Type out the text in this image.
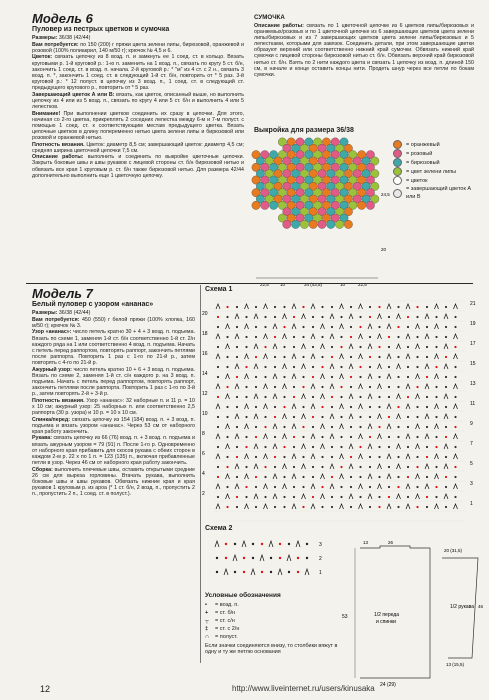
Модель 6
Пуловер из пестрых цветков и сумочка

Размеры: 36/38 (42/44)

Вам потребуется: по 150 (200) г пряжи цвета зелени липы, бирюзовой, оранжевой и розовой (100% полиакрил, 140 м/50 г); крючок № 4,5 и 6.

Цветок: связать цепочку из 8 возд. п. и замкнуть ее 1 соед. ст. в кольцо. Вязать круговыми р. 1-й круговой р.: 1-ю п. заменить на 1 возд. п., связать по кругу 5 ст. б/н, закончить 1 соед. ст. в возд. п. начала. 2-й круговой р.: * "м" из 4 ст. с 2 н., связать 3 возд. п. *, закончить 1 соед. ст. в следующий 1-й ст. б/н, повторить от * 5 раз. 3-й круговой р.: * 12 полуст. в цепочку из 3 возд. п., 1 соед. ст. в следующий ст. предыдущего кругового р., повторить от * 5 раз.

Завершающий цветок А или В: вязать, как цветок, описанный выше, но выполнить цепочку из 4 или из 5 возд. п., связать по кругу 4 или 5 ст. б/н и выполнить 4 или 5 лепестков.

Внимание! При выполнении цветков соединить их сразу в цепочки. Для этого, начиная со 2-го цветка, прикреплять 2 соседних лепестка между 6-м и 7-м полуст. с помощью 1 соед. ст. к соответствующим местам предыдущего цветка. Вязать цепочные цветков в длину попеременно нитью цвета зелени липы и бирюзовой или розовой и оранжевой нитью.

Плотность вязания. Цветок: диаметр 8,5 см; завершающий цветок: диаметр 4,5 см; средняя ширина цветочной цепочки 7,5 см.

Описание работы: выполнить и соединить по выкройке цветочные цепочки. Закрыть боковые швы и швы рукавов с лицевой стороны ст. б/н бирюзовой нитью и обвязать все края 1 круговым р. ст. б/н также бирюзовой нитью. Для размера 42/44 дополнительно выполнить еще 1 цветочную цепочку.

СУМОЧКА

Описание работы: связать по 1 цветочной цепочке из 6 цветков липы/бирюзовых и оранжевых/розовых и по 1 цветочной цепочке из 6 завершающих цветков цвета зелени липы/бирюзовых и из 7 завершающих цветков цвета зелени липы/бирюзовых и 5 лепестками, которыми для завязок. Соединить детали, при этом завершающие цветки образуют верхний или соответственно нижний край сумочки. Обвязать нижний край сумочки с лицевой стороны бирюзовой нитью ст. б/н. Обвязать верхний край бирюзовой нитью ст. б/н. Взять по 2 нити каждого цвета и связать 1 цепочку из возд. п. длиной 150 см, в начале и конце оставить концы нити. Продеть шнур через все петли по бокам сумочки.

Выкройка для размера 36/38
22,5 10	34 (43,5)	10	22,5
24,5
20
= оранжевый
= розовый
= бирюзовый
= цвет зелени липы
= цветок
= завершающий цветок А или В
Модель 7
Белый пуловер с узором «ананас»

Размеры: 36/38 (42/44)

Вам потребуется: 450 (550) г белой пряжи (100% хлопка, 160 м/50 г); крючок № 3.

Узор «ананас»: число петель кратно 30 + 4 + 3 возд. п. подъема. Вязать по схеме 1, заменяя 1-й ст. б/н соответственно 1-й ст. 2/н каждого ряда на 1 или соответственно 4 возд. п. подъема. Начать с петель перед раппортом, повторять раппорт, закончить петлями после раппорта. Повторить 1 раз с 1-го по 21-й р., затем повторять с 4-го по 21-й р.

Ажурный узор: число петель кратно 10 + 6 + 3 возд. п. подъема. Вязать по схеме 2, заменяя 1-й ст. с/н каждого р. на 3 возд. п. подъема. Начать с петель перед раппортом, повторять раппорт, закончить петлями после раппорта. Повторить 1 раз с 1-го по 3-й р., затем повторять 2-й + 3-й р.

Плотность вязания. Узор «ананас»: 32 наборные п. и 11 р. = 10 x 10 см; ажурный узор: 25 наборных п. или соответственно 2,5 раппорта (30 р. узора) и 10 р. = 10 x 10 см.

Спинка/перед: связать цепочку из 154 (184) возд. п. + 3 возд. п. подъема и вязать узором «ананас». Через 53 см от наборного края работу закончить.

Рукава: связать цепочку из 66 (76) возд. п. + 3 возд. п. подъема и вязать ажурным узором = 79 (91) п. После 1-го р. Одновременно от наборного края прибавить для скосов рукава с обеих сторон в каждом 2-м р. 22 x по 1 п. = 123 (135) п., включая прибавленные петли в узор. Через 46 см от наборного края работу закончить.

Сборка: выполнить плечевые швы, оставить открытыми средние 26 см для выреза горловины. Втачать рукава, выполнить боковые швы и швы рукавов. Обвязать нижние края и края рукавов 1 круговым р. из ароа (* 1 ст. б/н, 2 возд. п., пропустить 2 п., пропустить 2 п., 1 соед. ст. в полуст.).

Схема 1
21
19
17
15
13
11
9
7
5
3
1
20
18
16
14
12
10
8
6
4
2
Схема 2
3
2
1
Условные обозначения
•	= возд. п.
+	= ст. б/н
┬	= ст. с/н
‡	= ст. с 2/н
∩	= полуст.
Если значки соединяются внизу, то столбики вяжут в одну и ту же петлю основания
53
24 (29)
13	26
1/2 переда
и спинки
20 (31,5)
13 (15,5)
46
1/2 рукава
12	http://www.liveinternet.ru/users/kinusaka
